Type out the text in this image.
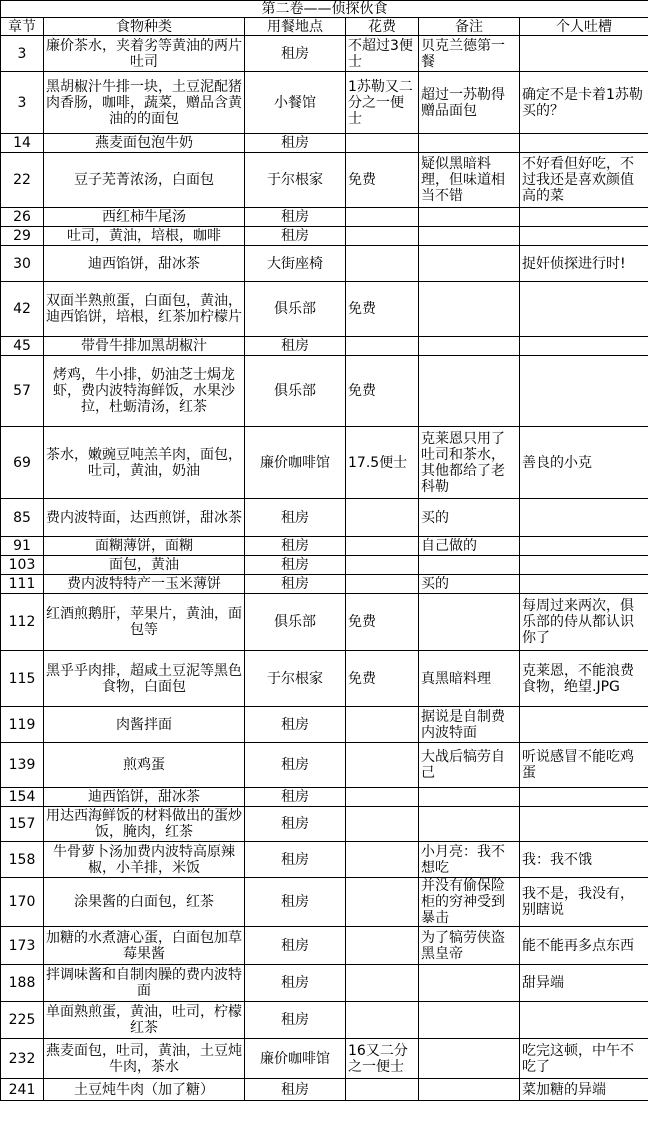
第二卷——侦探伙食					
章节	食物种类	用餐地点	花费	备注	个人吐槽
3	廉价茶水，夹着劣等黄油的两片吐司	租房	不超过3便士	贝克兰德第一餐	
3	黑胡椒汁牛排一块，土豆泥配猪肉香肠，咖啡，蔬菜，赠品含黄油的的面包	小餐馆	1苏勒又二分之一便士	超过一苏勒得赠品面包	确定不是卡着1苏勒买的？
14	燕麦面包泡牛奶	租房			
22	豆子芜菁浓汤，白面包	于尔根家	免费	疑似黑暗料理，但味道相当不错	不好看但好吃，不过我还是喜欢颜值高的菜
26	西红柿牛尾汤	租房			
29	吐司，黄油，培根，咖啡	租房			
30	迪西馅饼，甜冰茶	大街座椅			捉奸侦探进行时!
42	双面半熟煎蛋，白面包，黄油，迪西馅饼，培根，红茶加柠檬片	俱乐部	免费		
45	带骨牛排加黑胡椒汁	租房			
57	烤鸡，牛小排，奶油芝士焗龙虾，费内波特海鲜饭，水果沙拉，杜蛎清汤，红茶	俱乐部	免费		
69	茶水，嫩豌豆吨羔羊肉，面包，吐司，黄油，奶油	廉价咖啡馆	17.5便士	克莱恩只用了吐司和茶水，其他都给了老科勒	善良的小克
85	费内波特面，达西煎饼，甜冰茶	租房		买的	
91	面糊薄饼，面糊	租房		自己做的	
103	面包，黄油	租房			
111	费内波特特产一玉米薄饼	租房		买的	
112	红酒煎鹅肝，苹果片，黄油，面包等	俱乐部	免费		每周过来两次，俱乐部的侍从都认识你了
115	黑乎乎肉排，超咸土豆泥等黑色食物，白面包	于尔根家	免费	真黑暗料理	克莱恩，不能浪费食物，绝望.JPG
119	肉酱拌面	租房		据说是自制费内波特面	
139	煎鸡蛋	租房		大战后犒劳自己	听说感冒不能吃鸡蛋
154	迪西馅饼，甜冰茶	租房			
157	用达西海鲜饭的材料做出的蛋炒饭，腌肉，红茶	租房			
158	牛骨萝卜汤加费内波特高原辣椒，小羊排，米饭	租房		小月亮：我不想吃	我：我不饿
170	涂果酱的白面包，红茶	租房		并没有偷保险柜的穷神受到暴击	我不是，我没有，别瞎说
173	加糖的水煮溏心蛋，白面包加草莓果酱	租房		为了犒劳侠盗黑皇帝	能不能再多点东西
188	拌调味酱和自制肉臊的费内波特面	租房			甜异端
225	单面熟煎蛋，黄油，吐司，柠檬红茶	租房			
232	燕麦面包，吐司，黄油，土豆炖牛肉，茶水	廉价咖啡馆	16又二分之一便士		吃完这顿，中午不吃了
241	土豆炖牛肉（加了糖）	租房			菜加糖的异端
